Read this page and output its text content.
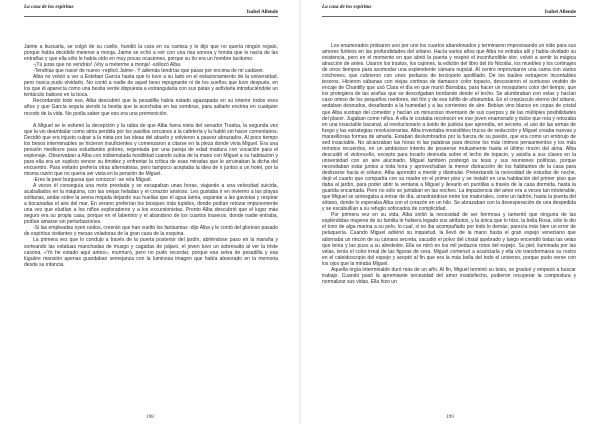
La casa de los espíritus
Isabel Allende

Jaime a buscarla, se colgó de su cuello, hundió la cara en su camisa y le dijo que no quería ningún regalo, porque había decidido meterse a monja. Jaime se echó a reír con una risa sonora y honda que le nacía de las entrañas y que ella sólo le había oído en muy pocas ocasiones, porque su tío era un hombre taciturno.

-¡Tú juras que no vendrás! ¡Voy a meterme a monja! -sollozó Alba.

-Tendrías que nacer de nuevo -replicó Jaime-. Y además tendrías que pasar por encima de mi cadáver.

Alba no volvió a ver a Esteban García hasta que lo tuvo a su lado en el estacionamiento de la universidad, pero nunca pudo olvidarlo. No contó a nadie de aquel beso repugnante ni de los sueños que tuvo después, en los que él aparecía como una bestia verde dispuesta a estrangularla con sus patas y asfixiarla introduciéndole un tentáculo baboso en la boca.

Recordando todo eso, Alba descubrió que la pesadilla había estado agazapada en su interior todos esos años y que García seguía siendo la bestia que la acechaba en las sombras, para saltarle encima en cualquier recodo de la vida. No podía saber que eso era una premonición.

A Miguel se le esfumó la decepción y la rabia de que Alba fuera nieta del senador Trueba, la segunda vez que la vio deambular como alma perdida por los pasillos cercanos a la cafetería y la habló sin hacer comentarios. Decidió que era injusto culpar a la nieta por las ideas del abuelo y volvieron a pasear abrazados. Al poco tiempo los besos interminables se hicieron insuficientes y comenzaron a citarse en la pieza donde vivía Miguel. Era una pensión mediocre para estudiantes pobres, regentada por una pareja de edad madura con vocación para el espionaje. Observaban a Alba con indisimulada hostilidad cuando subía de la mano con Miguel a su habitación y para ella era un suplicio vencer su timidez y enfrentar la crítica de esas miradas que le arruinaban la dicha del encuentro. Para evitarlo prefería otras alternativas, pero tampoco aceptaba la idea de ir juntos a un hotel, por la misma razón que no quería ser vista en la pensión de Miguel.

-Eres la peor burguesa que conozco! -se reía Miguel.

A veces él conseguía una moto prestada y se escapaban unas horas, viajando a una velocidad suicida, acaballados en la máquina, con las orejas heladas y el corazón ansioso. Les gustaba ir en invierno a las playas solitarias, andar sobre la arena mojada dejando sus huellas que el agua lamía, espantar a las gaviotas y respirar a bocanadas el aire del mar. En verano preferían los bosques más tupidos, donde podían retozar impunemente una vez que eludían a los niños exploradores y a los excursionistas. Pronto Alba descubrió que el lugar más seguro era su propia casa, porque en el laberinto y el abandono de los cuartos traseros, donde nadie entraba, podían amarse sin perturbaciones.

-Si las empleadas oyen ruidos, creerán que han vuelto los fantasmas -dijo Alba y le contó del glorioso pasado de espíritus visitantes y mesas voladoras de la gran casa de la esquina.

La primera vez que lo condujo a través de la puerta posterior del jardín, abriéndose paso en la maraña y sorteando las estatuas manchadas de musgo y cagadas de pájaro, el joven tuvo un sobresalto al ver la triste casona. «Yo he estado aquí antes», murmuró, pero no pudo recordar, porque esa selva de pesadilla y esa lúgubre mansión apenas guardaban semejanza con la luminosa imagen que había atesorado en la memoria desde su infancia.

198
La casa de los espíritus
Isabel Allende

Los enamorados probaron uno por uno los cuartos abandonados y terminaron improvisando un nido para sus amores furtivos en las profundidades del sótano. Hacía varios años que Alba no entraba allí y había olvidado su existencia, pero en el momento en que abrió la puerta y respiró el inconfundible olor, volvió a sentir la mágica atracción de antes. Usaron los trastos, los cajones, la edición del libro del tío Nicolás, los muebles y los cortinajes de otros tiempos para acomodar una esplendente cámara nupcial. Al centro improvisaron una cama con varios colchones, que cubrieron con unos pedazos de terciopelo apolillado. De los baúles extrajeron incontables tesoros. Hicieron sábanas con viejas cortinas de damasco color topacio, descosieron el suntuoso vestido de encaje de Chantilly que usó Clara el día en que murió Barrabás, para hacer un mosquitero color del tiempo, que los protegiera de las arañas que se descolgaban bordando desde el techo. Se alumbraban con velas y hacían caso omiso de los pequeños roedores, del frío y de ese tufillo de ultratumba. En el crepúsculo eterno del sótano, andaban desnudos, desafiando a la humedad y a las corrientes de aire. Bebían vino blanco en copas de cristal que Alba sustrajo del comedor y hacían un minucioso inventario de sus cuerpos y de las múltiples posibilidades del placer. Jugaban como niños. A ella le costaba reconocer en ese joven enamorado y dulce que reía y retozaba en una insaciable bacanal, al revolucionario a ávido de justicia que aprendía, en secreto, el uso de las armas de fuego y las estrategias revolucionarias. Alba inventaba irresistibles trucos de seducción y Miguel creaba nuevas y maravillosas formas de amarla. Estaban deslumbrados por la fuerza de su pasión, que era como un embrujo de sed insaciable. No alcanzaban las horas ni las palabras para decirse los más íntimos pensamientos y los más remotos recuerdos, en un ambicioso intento de poseerse mutuamente hasta el último rincón del alma. Alba descuidó el violoncello, excepto para tocarlo desnuda sobre el lecho de topacio, y asistía a sus clases en la universidad con un aire alucinado. Miguel también postergó su tesis y sus reuniones políticas, porque necesitaban estar juntos a toda hora y aprovechaban la menor distracción de los habitantes de la casa para deslizarse hacia el sótano. Alba aprendió a mentir y disimular. Pretextando la necesidad de estudiar de noche, dejó el cuarto que compartía con su madre en el primer piso y se instaló en una habitación del primer piso que daba al jardín, para poder abrir la ventana a Miguel y llevarlo en puntillas a través de la casa dormida, hasta la guarida encantada. Pero no sólo se juntaban en las noches. La impaciencia del amor era a veces tan intolerable, que Miguel se arriesgaba a entrar de día, arrastrándose entre los matorrales, como un ladrón, hasta la puerta del sótano, donde lo esperaba Alba con el corazón en un hilo. Se abrazaban con la desesperación de una despedida y se escabullían a su refugio sofocados de complicidad.

Por primera vez en su vida, Alba sintió la necesidad de ser hermosa y lamentó que ninguna de las espléndidas mujeres de su familia le hubiera legado sus atributos, y la única que lo hizo, la bella Rosa, sólo le dio el tono de alga marina a su pelo, lo cual, si no iba acompañado por todo lo demás, parecía más bien un error de peluquería. Cuando Miguel adivinó su inquietud, la llevó de la mano hasta el gran espejo veneciano que adornaba un rincón de su cámara secreta, sacudió el polvo del cristal quebrado y luego encendió todas las velas que tenía y las puso a su alrededor. Ella se miró en los mil pedazos rotos del espejo. Su piel, iluminada por las velas, tenía el color irreal de las figuras de cera. Miguel comenzó a acariciarla y ella vio transformarse su rostro en el caleidoscopio del espejo y aceptó al fin que era la más bella del todo el universo, porque pudo verse con los ojos que la miraba Miguel.

Aquella orgía interminable duró más de un año. Al fin, Miguel terminó su tesis, se graduó y empezó a buscar trabajo. Cuando pasó la apremiante necesidad del amor insatisfecho, pudieron recuperar la compostura y normalizar sus vidas. Ella hizo un

199
